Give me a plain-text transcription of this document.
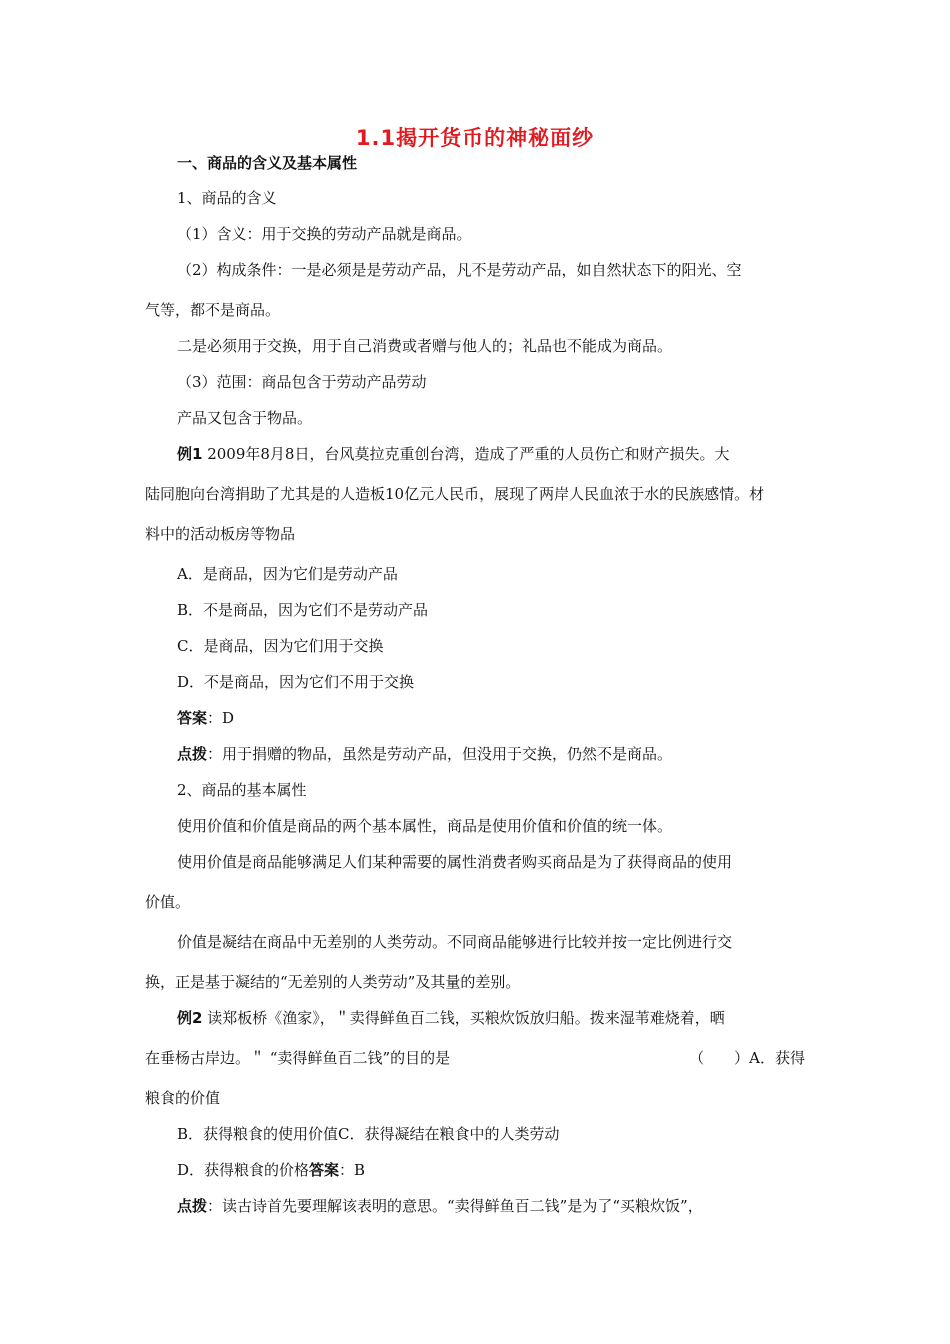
1.1揭开货币的神秘面纱
一、商品的含义及基本属性
1、商品的含义
（1）含义：用于交换的劳动产品就是商品。
（2）构成条件：一是必须是是劳动产品，凡不是劳动产品，如自然状态下的阳光、空
气等，都不是商品。
二是必须用于交换，用于自己消费或者赠与他人的；礼品也不能成为商品。
（3）范围：商品包含于劳动产品劳动
产品又包含于物品。
例1 2009年8月8日，台风莫拉克重创台湾，造成了严重的人员伤亡和财产损失。大
陆同胞向台湾捐助了尤其是的人造板10亿元人民币，展现了两岸人民血浓于水的民族感情。材
料中的活动板房等物品
A．是商品，因为它们是劳动产品
B．不是商品，因为它们不是劳动产品
C．是商品，因为它们用于交换
D．不是商品，因为它们不用于交换
答案：D
点拨：用于捐赠的物品，虽然是劳动产品，但没用于交换，仍然不是商品。
2、商品的基本属性
使用价值和价值是商品的两个基本属性，商品是使用价值和价值的统一体。
使用价值是商品能够满足人们某种需要的属性消费者购买商品是为了获得商品的使用
价值。
价值是凝结在商品中无差别的人类劳动。不同商品能够进行比较并按一定比例进行交
换，正是基于凝结的“无差别的人类劳动”及其量的差别。
例2 读郑板桥《渔家》，＂卖得鲜鱼百二钱，买粮炊饭放归船。拨来湿苇难烧着，晒
在垂杨古岸边。＂ “卖得鲜鱼百二钱”的目的是	（　　）A．获得
粮食的价值
B．获得粮食的使用价值C．获得凝结在粮食中的人类劳动
D．获得粮食的价格答案：B
点拨：读古诗首先要理解该表明的意思。“卖得鲜鱼百二钱”是为了“买粮炊饭”，
